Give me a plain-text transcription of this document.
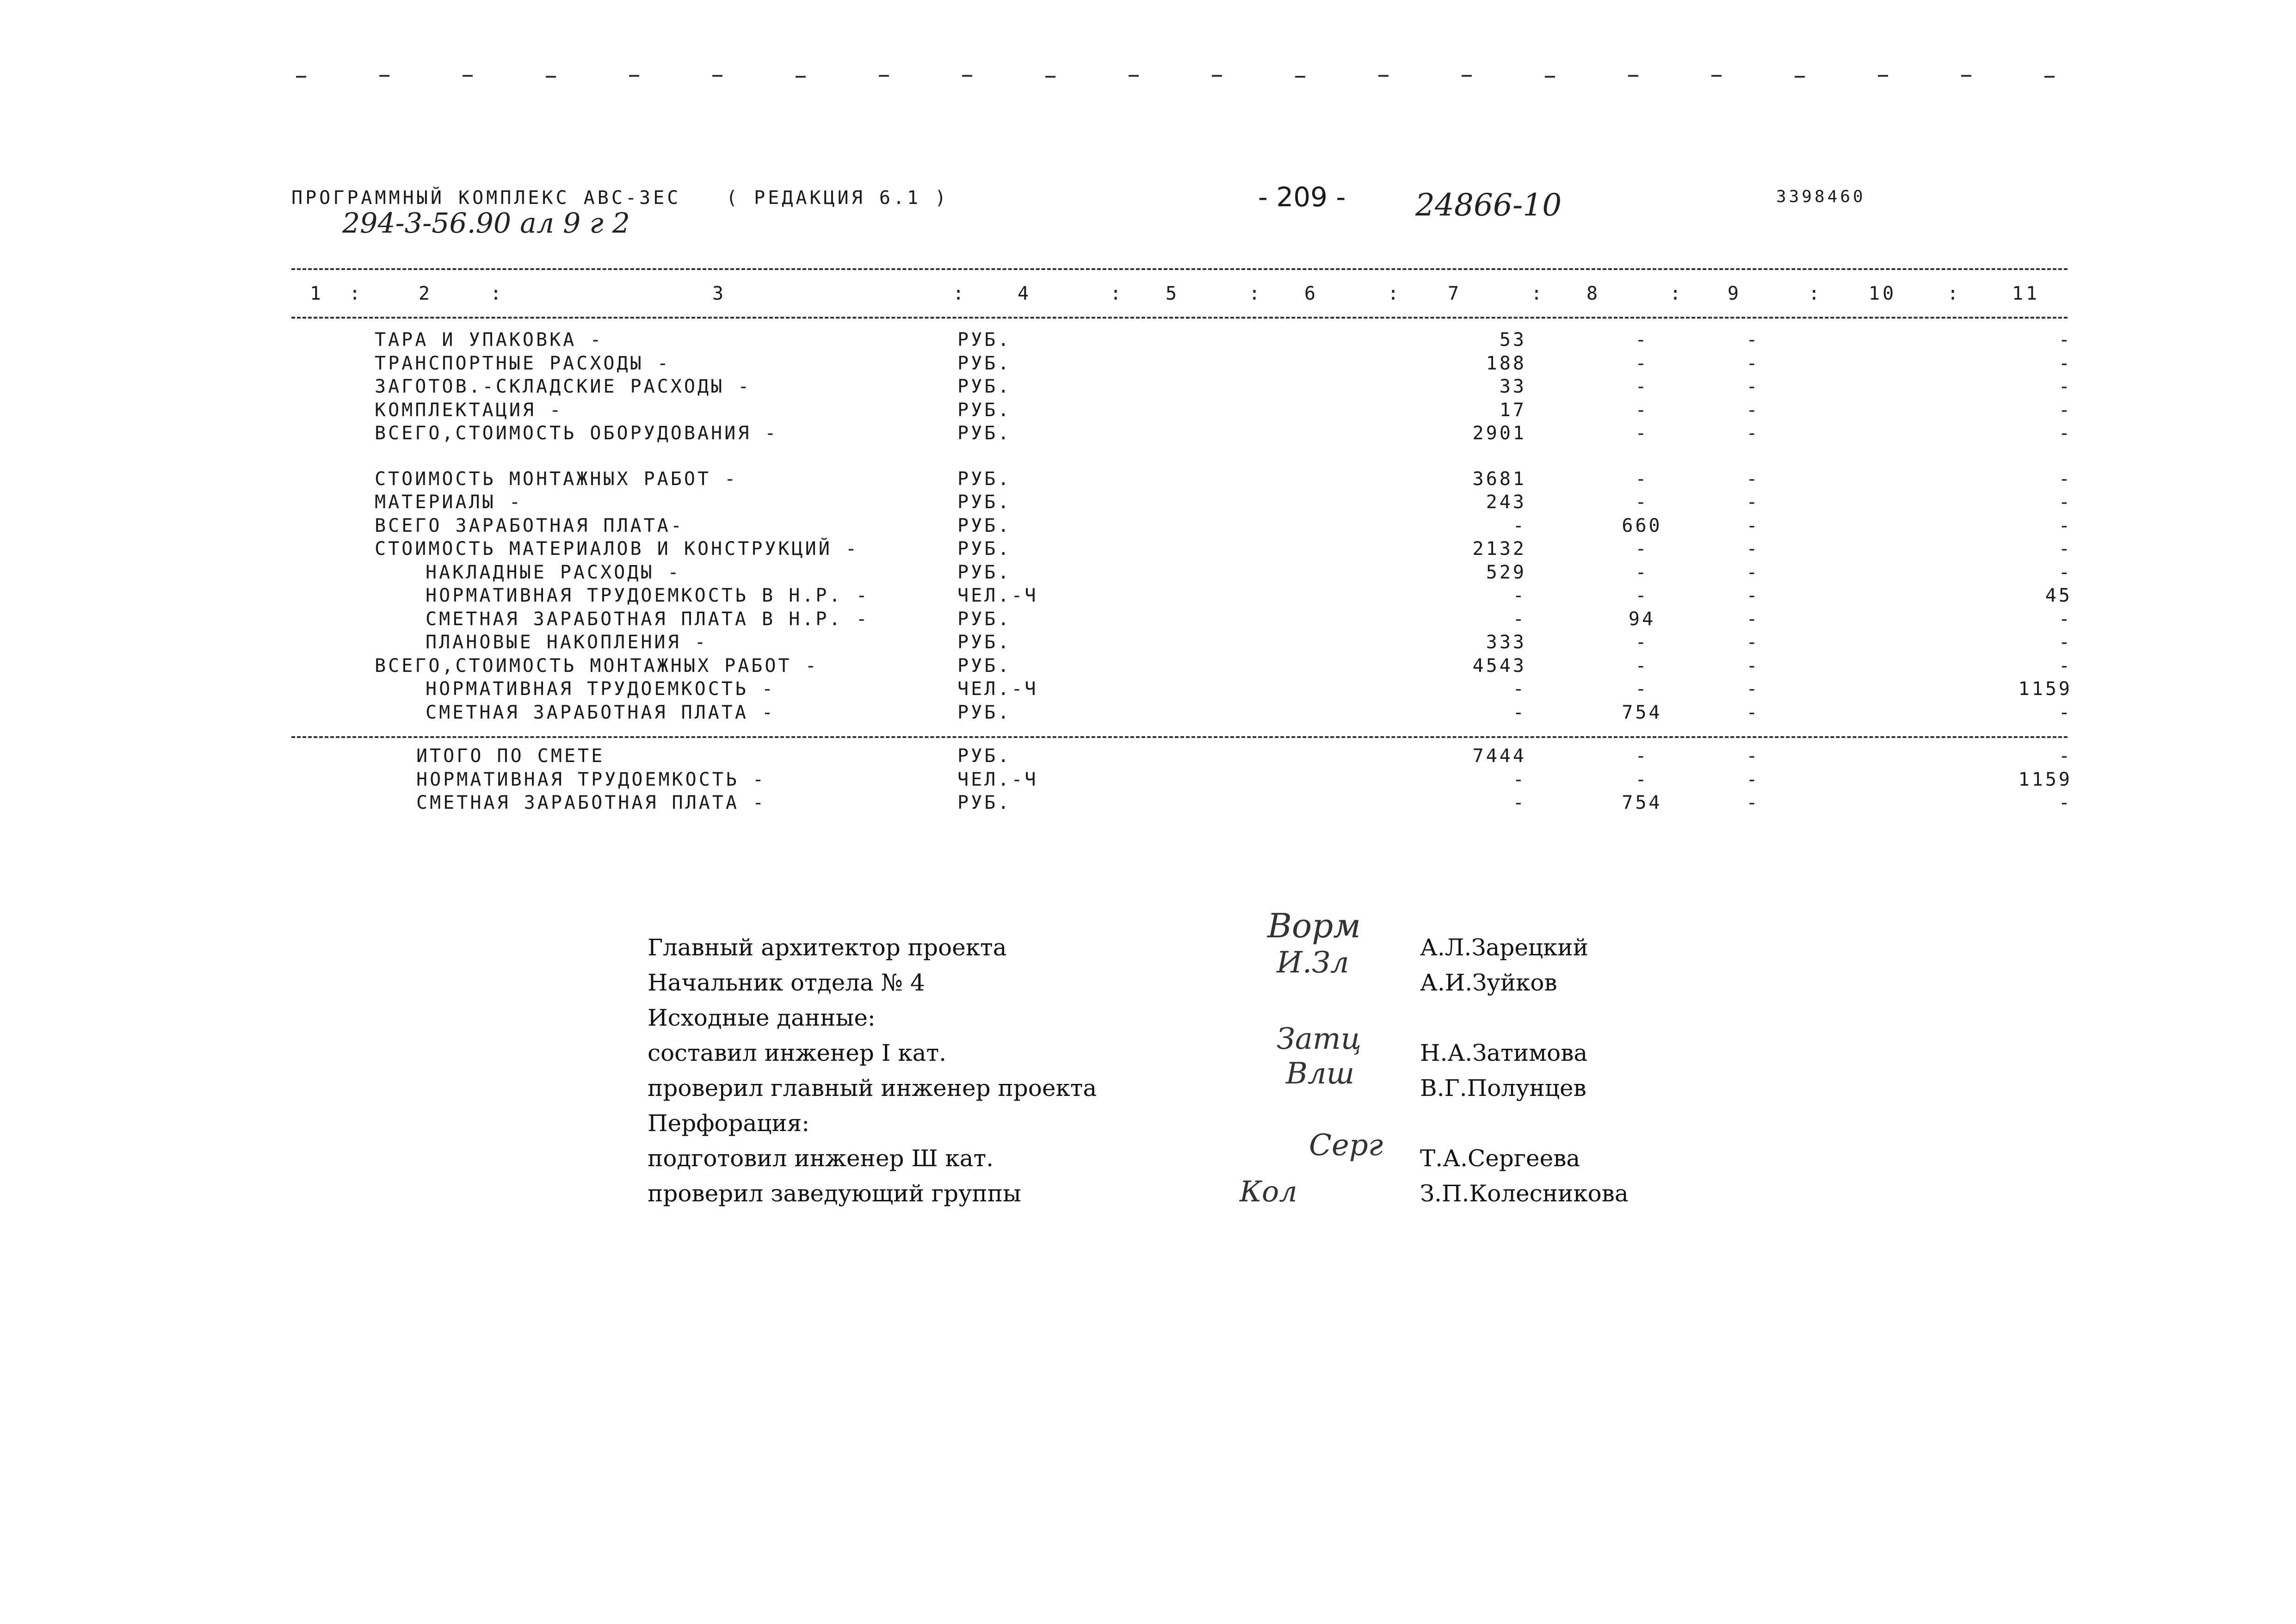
ПРОГРАММНЫЙ КОМПЛЕКС АВС-3ЕС ( РЕДАКЦИЯ 6.1 )	- 209 - 24866-10	3398460
294-3-56.90 ал 9 г 2
1	2	3	4	5	6	7	8	9	10	11
:	:	:	:	:	:	:	:	:	:
ТАРА И УПАКОВКА -	РУБ.	53	-	-	-
ТРАНСПОРТНЫЕ РАСХОДЫ -	РУБ.	188	-	-	-
ЗАГОТОВ.-СКЛАДСКИЕ РАСХОДЫ -	РУБ.	33	-	-	-
КОМПЛЕКТАЦИЯ -	РУБ.	17	-	-	-
ВСЕГО,СТОИМОСТЬ ОБОРУДОВАНИЯ -	РУБ.	2901	-	-	-
СТОИМОСТЬ МОНТАЖНЫХ РАБОТ -	РУБ.	3681	-	-	-
МАТЕРИАЛЫ -	РУБ.	243	-	-	-
ВСЕГО ЗАРАБОТНАЯ ПЛАТА-	РУБ.	-	660	-	-
СТОИМОСТЬ МАТЕРИАЛОВ И КОНСТРУКЦИЙ -	РУБ.	2132	-	-	-
НАКЛАДНЫЕ РАСХОДЫ -	РУБ.	529	-	-	-
НОРМАТИВНАЯ ТРУДОЕМКОСТЬ В Н.Р. -	ЧЕЛ.-Ч	-	-	-	45
СМЕТНАЯ ЗАРАБОТНАЯ ПЛАТА В Н.Р. -	РУБ.	-	94	-	-
ПЛАНОВЫЕ НАКОПЛЕНИЯ -	РУБ.	333	-	-	-
ВСЕГО,СТОИМОСТЬ МОНТАЖНЫХ РАБОТ -	РУБ.	4543	-	-	-
НОРМАТИВНАЯ ТРУДОЕМКОСТЬ -	ЧЕЛ.-Ч	-	-	-	1159
СМЕТНАЯ ЗАРАБОТНАЯ ПЛАТА -	РУБ.	-	754	-	-
ИТОГО ПО СМЕТЕ	РУБ.	7444	-	-	-
НОРМАТИВНАЯ ТРУДОЕМКОСТЬ -	ЧЕЛ.-Ч	-	-	-	1159
СМЕТНАЯ ЗАРАБОТНАЯ ПЛАТА -	РУБ.	-	754	-	-
Главный архитектор проекта
Начальник отдела № 4
Исходные данные:
составил инженер I кат.
проверил главный инженер проекта
Перфорация:
подготовил инженер Ш кат.
проверил заведующий группы
А.Л.Зарецкий
А.И.Зуйков
Н.А.Затимова
В.Г.Полунцев
Т.А.Сергеева
З.П.Колесникова
Ворм
И.Зл
Затц
Влш
Серг
Кол
